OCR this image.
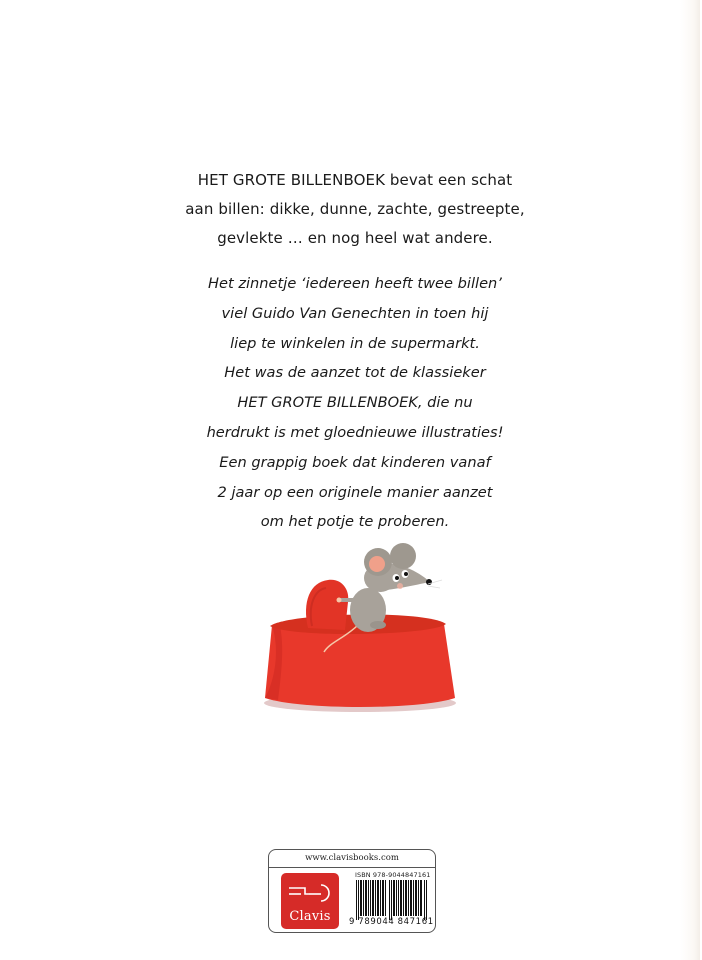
HET GROTE BILLENBOEK bevat een schat
aan billen: dikke, dunne, zachte, gestreepte,
gevlekte … en nog heel wat andere.
Het zinnetje ‘iedereen heeft twee billen’
viel Guido Van Genechten in toen hij
liep te winkelen in de supermarkt.
Het was de aanzet tot de klassieker
HET GROTE BILLENBOEK, die nu
herdrukt is met gloednieuwe illustraties!
Een grappig boek dat kinderen vanaf
2 jaar op een originele manier aanzet
om het potje te proberen.
www.clavisbooks.com
Clavis
ISBN 978-9044847161
9 789044 847161
